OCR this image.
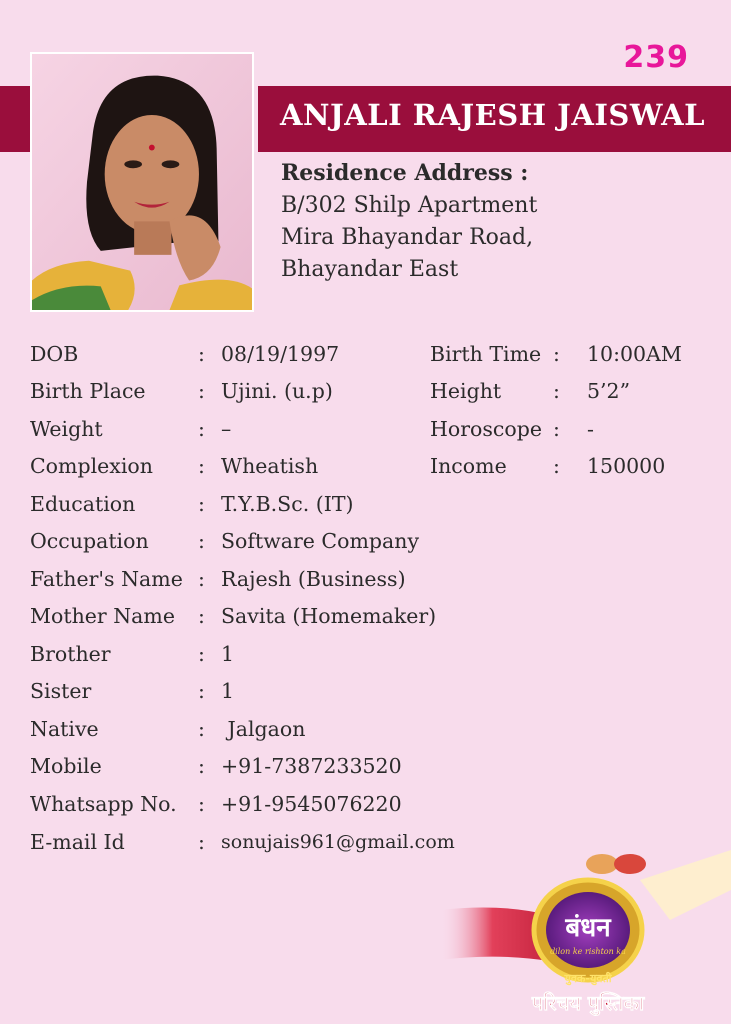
239
ANJALI RAJESH JAISWAL
Residence Address :
B/302 Shilp Apartment
Mira Bhayandar Road,
Bhayandar East
DOB	: 08/19/1997
Birth Place	: Ujini. (u.p)
Weight	: –
Complexion : Wheatish
Education	: T.Y.B.Sc. (IT)
Occupation : Software Company
Father's Name : Rajesh (Business)
Mother Name : Savita (Homemaker)
Brother	: 1
Sister	: 1
Native	: Jalgaon
Mobile	: +91-7387233520
Whatsapp No. : +91-9545076220
E-mail Id	: sonujais961@gmail.com
Birth Time : 10:00AM
Height	: 5’2”
Horoscope : -
Income : 150000
बंधन
dilon ke rishton ka
युवक-युवती
परिचय पुस्तिका
